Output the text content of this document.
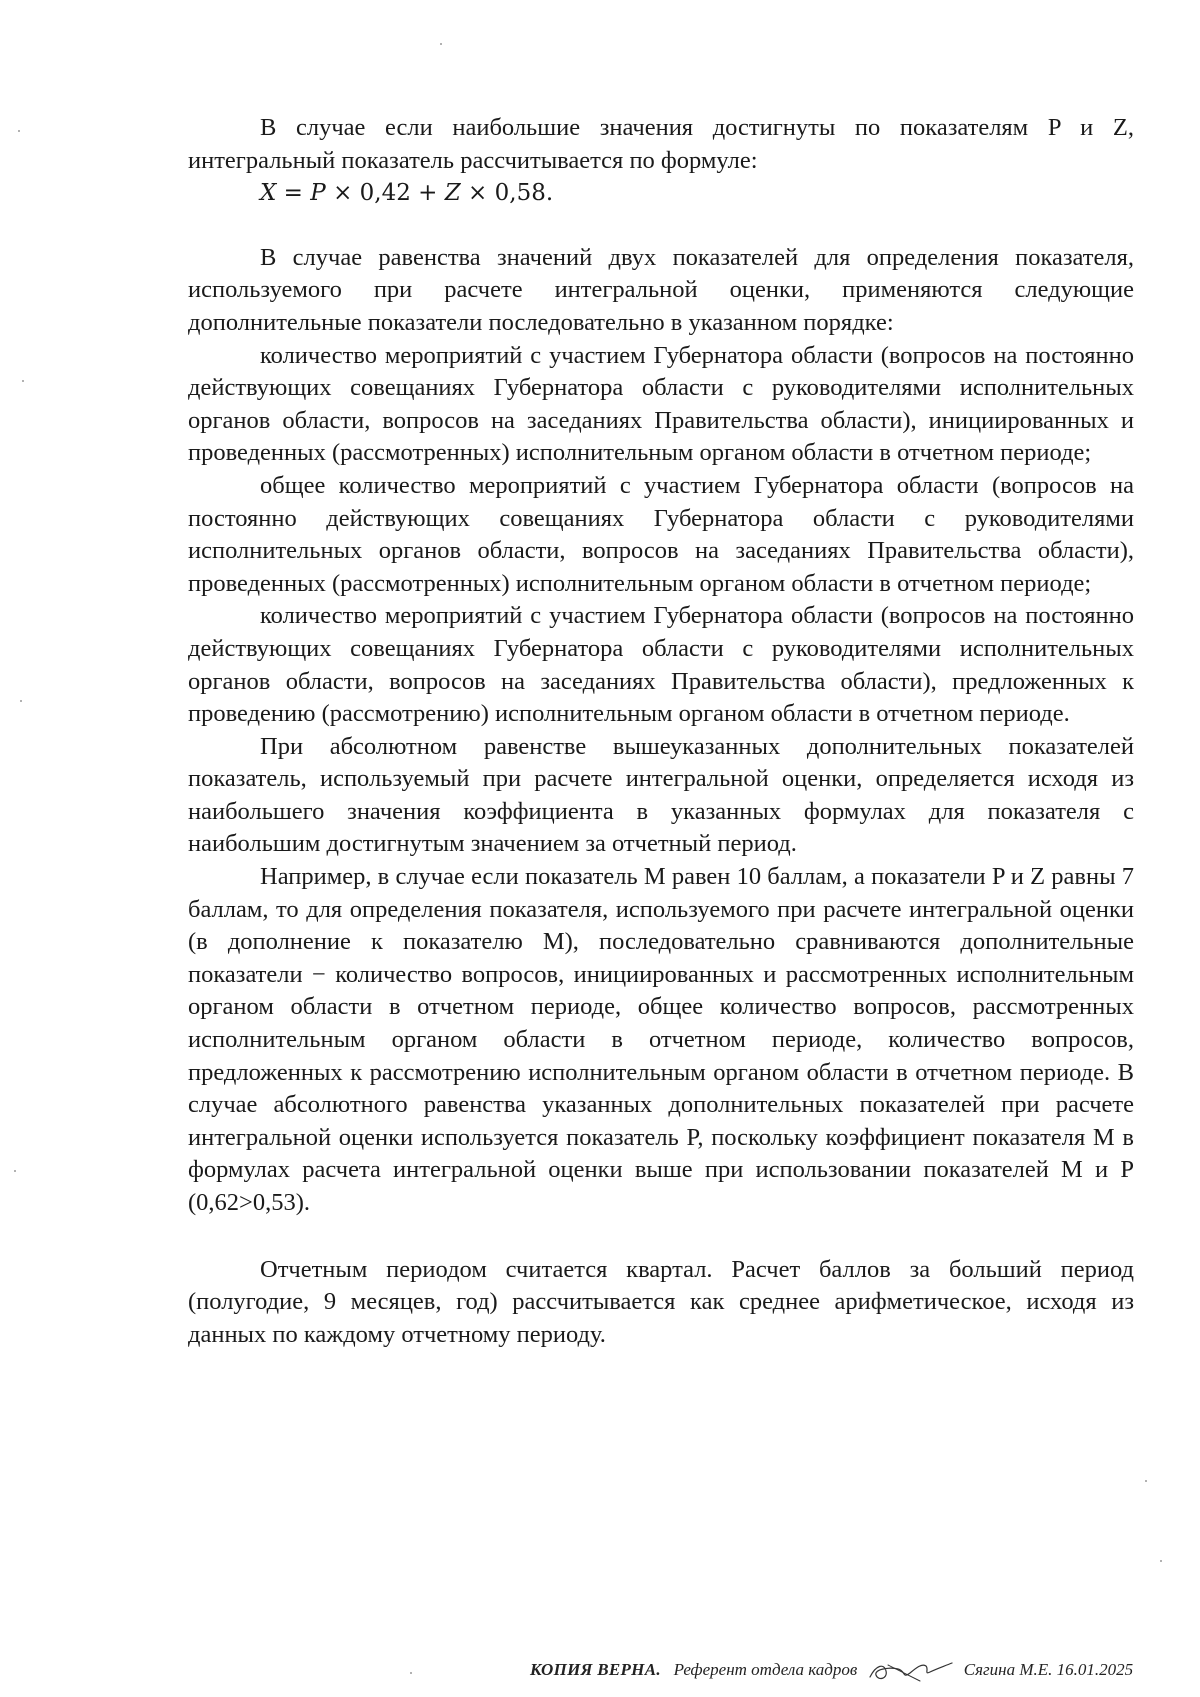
В случае если наибольшие значения достигнуты по показателям P и Z, интегральный показатель рассчитывается по формуле:

X = P × 0,42 + Z × 0,58.

В случае равенства значений двух показателей для определения показателя, используемого при расчете интегральной оценки, применяются следующие дополнительные показатели последовательно в указанном порядке:

количество мероприятий с участием Губернатора области (вопросов на постоянно действующих совещаниях Губернатора области с руководителями исполнительных органов области, вопросов на заседаниях Правительства области), инициированных и проведенных (рассмотренных) исполнительным органом области в отчетном периоде;

общее количество мероприятий с участием Губернатора области (вопросов на постоянно действующих совещаниях Губернатора области с руководителями исполнительных органов области, вопросов на заседаниях Правительства области), проведенных (рассмотренных) исполнительным органом области в отчетном периоде;

количество мероприятий с участием Губернатора области (вопросов на постоянно действующих совещаниях Губернатора области с руководителями исполнительных органов области, вопросов на заседаниях Правительства области), предложенных к проведению (рассмотрению) исполнительным органом области в отчетном периоде.

При абсолютном равенстве вышеуказанных дополнительных показателей показатель, используемый при расчете интегральной оценки, определяется исходя из наибольшего значения коэффициента в указанных формулах для показателя с наибольшим достигнутым значением за отчетный период.

Например, в случае если показатель M равен 10 баллам, а показатели P и Z равны 7 баллам, то для определения показателя, используемого при расчете интегральной оценки (в дополнение к показателю M), последовательно сравниваются дополнительные показатели − количество вопросов, инициированных и рассмотренных исполнительным органом области в отчетном периоде, общее количество вопросов, рассмотренных исполнительным органом области в отчетном периоде, количество вопросов, предложенных к рассмотрению исполнительным органом области в отчетном периоде. В случае абсолютного равенства указанных дополнительных показателей при расчете интегральной оценки используется показатель P, поскольку коэффициент показателя M в формулах расчета интегральной оценки выше при использовании показателей M и P (0,62>0,53).

Отчетным периодом считается квартал. Расчет баллов за больший период (полугодие, 9 месяцев, год) рассчитывается как среднее арифметическое, исходя из данных по каждому отчетному периоду.

КОПИЯ ВЕРНА. Референт отдела кадров	Сягина М.Е. 16.01.2025
